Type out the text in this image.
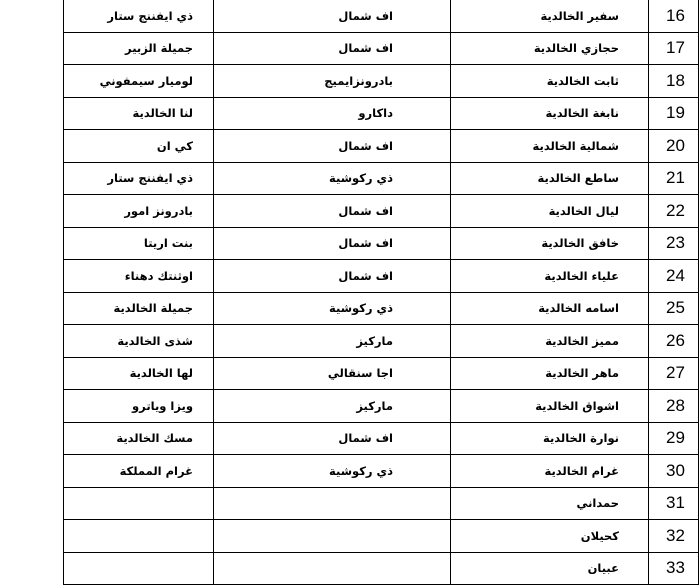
ذي ايفننج ستار	اف شمال	سفير الخالدية	16
جميلة الزبير	اف شمال	حجازي الخالدية	17
لوميار سيمفوني	بادرونزايميج	ثابت الخالدية	18
لنا الخالدية	داكارو	نابغة الخالدية	19
كي ان	اف شمال	شمالية الخالدية	20
ذي ايفننج ستار	ذي ركوشية	ساطع الخالدية	21
بادرونز امور	اف شمال	ليال الخالدية	22
بنت اريتا	اف شمال	خافق الخالدية	23
اوثنتك دهناء	اف شمال	علياء الخالدية	24
جميلة الخالدية	ذي ركوشية	اسامه الخالدية	25
شذى الخالدية	ماركيز	مميز الخالدية	26
لها الخالدية	اجا سنقالي	ماهر الخالدية	27
ويزا وياترو	ماركيز	اشواق الخالدية	28
مسك الخالدية	اف شمال	نوارة الخالدية	29
غرام المملكة	ذي ركوشية	غرام الخالدية	30
		حمداني	31
		كحيلان	32
		عبيان	33
